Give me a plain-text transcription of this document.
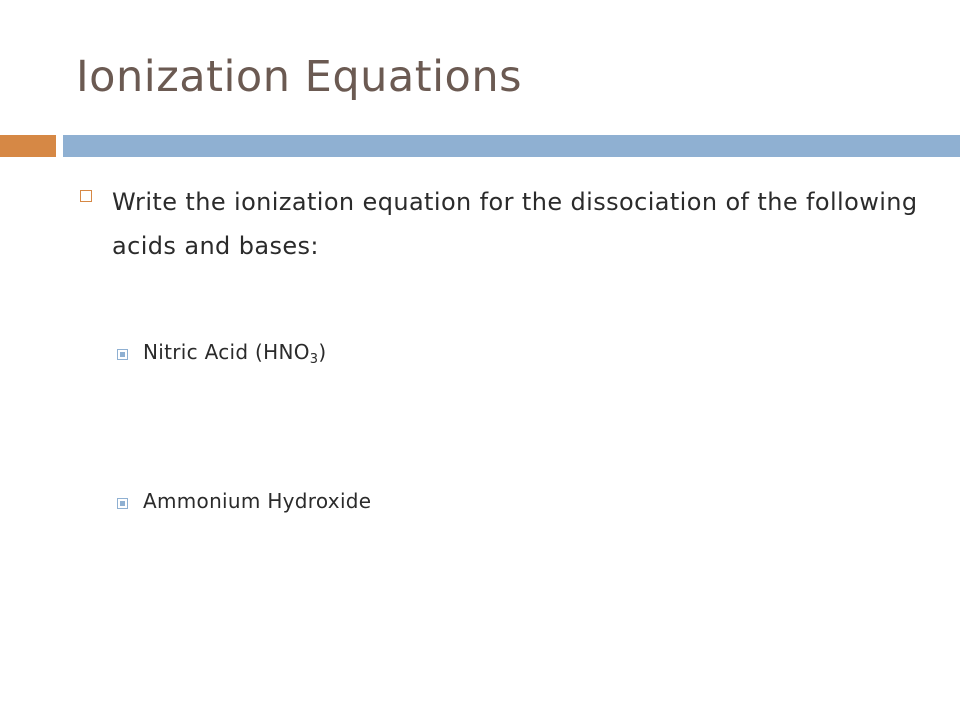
Ionization Equations
Write the ionization equation for the dissociation of the following acids and bases:
Nitric Acid $(HNO_3)$
Ammonium Hydroxide
